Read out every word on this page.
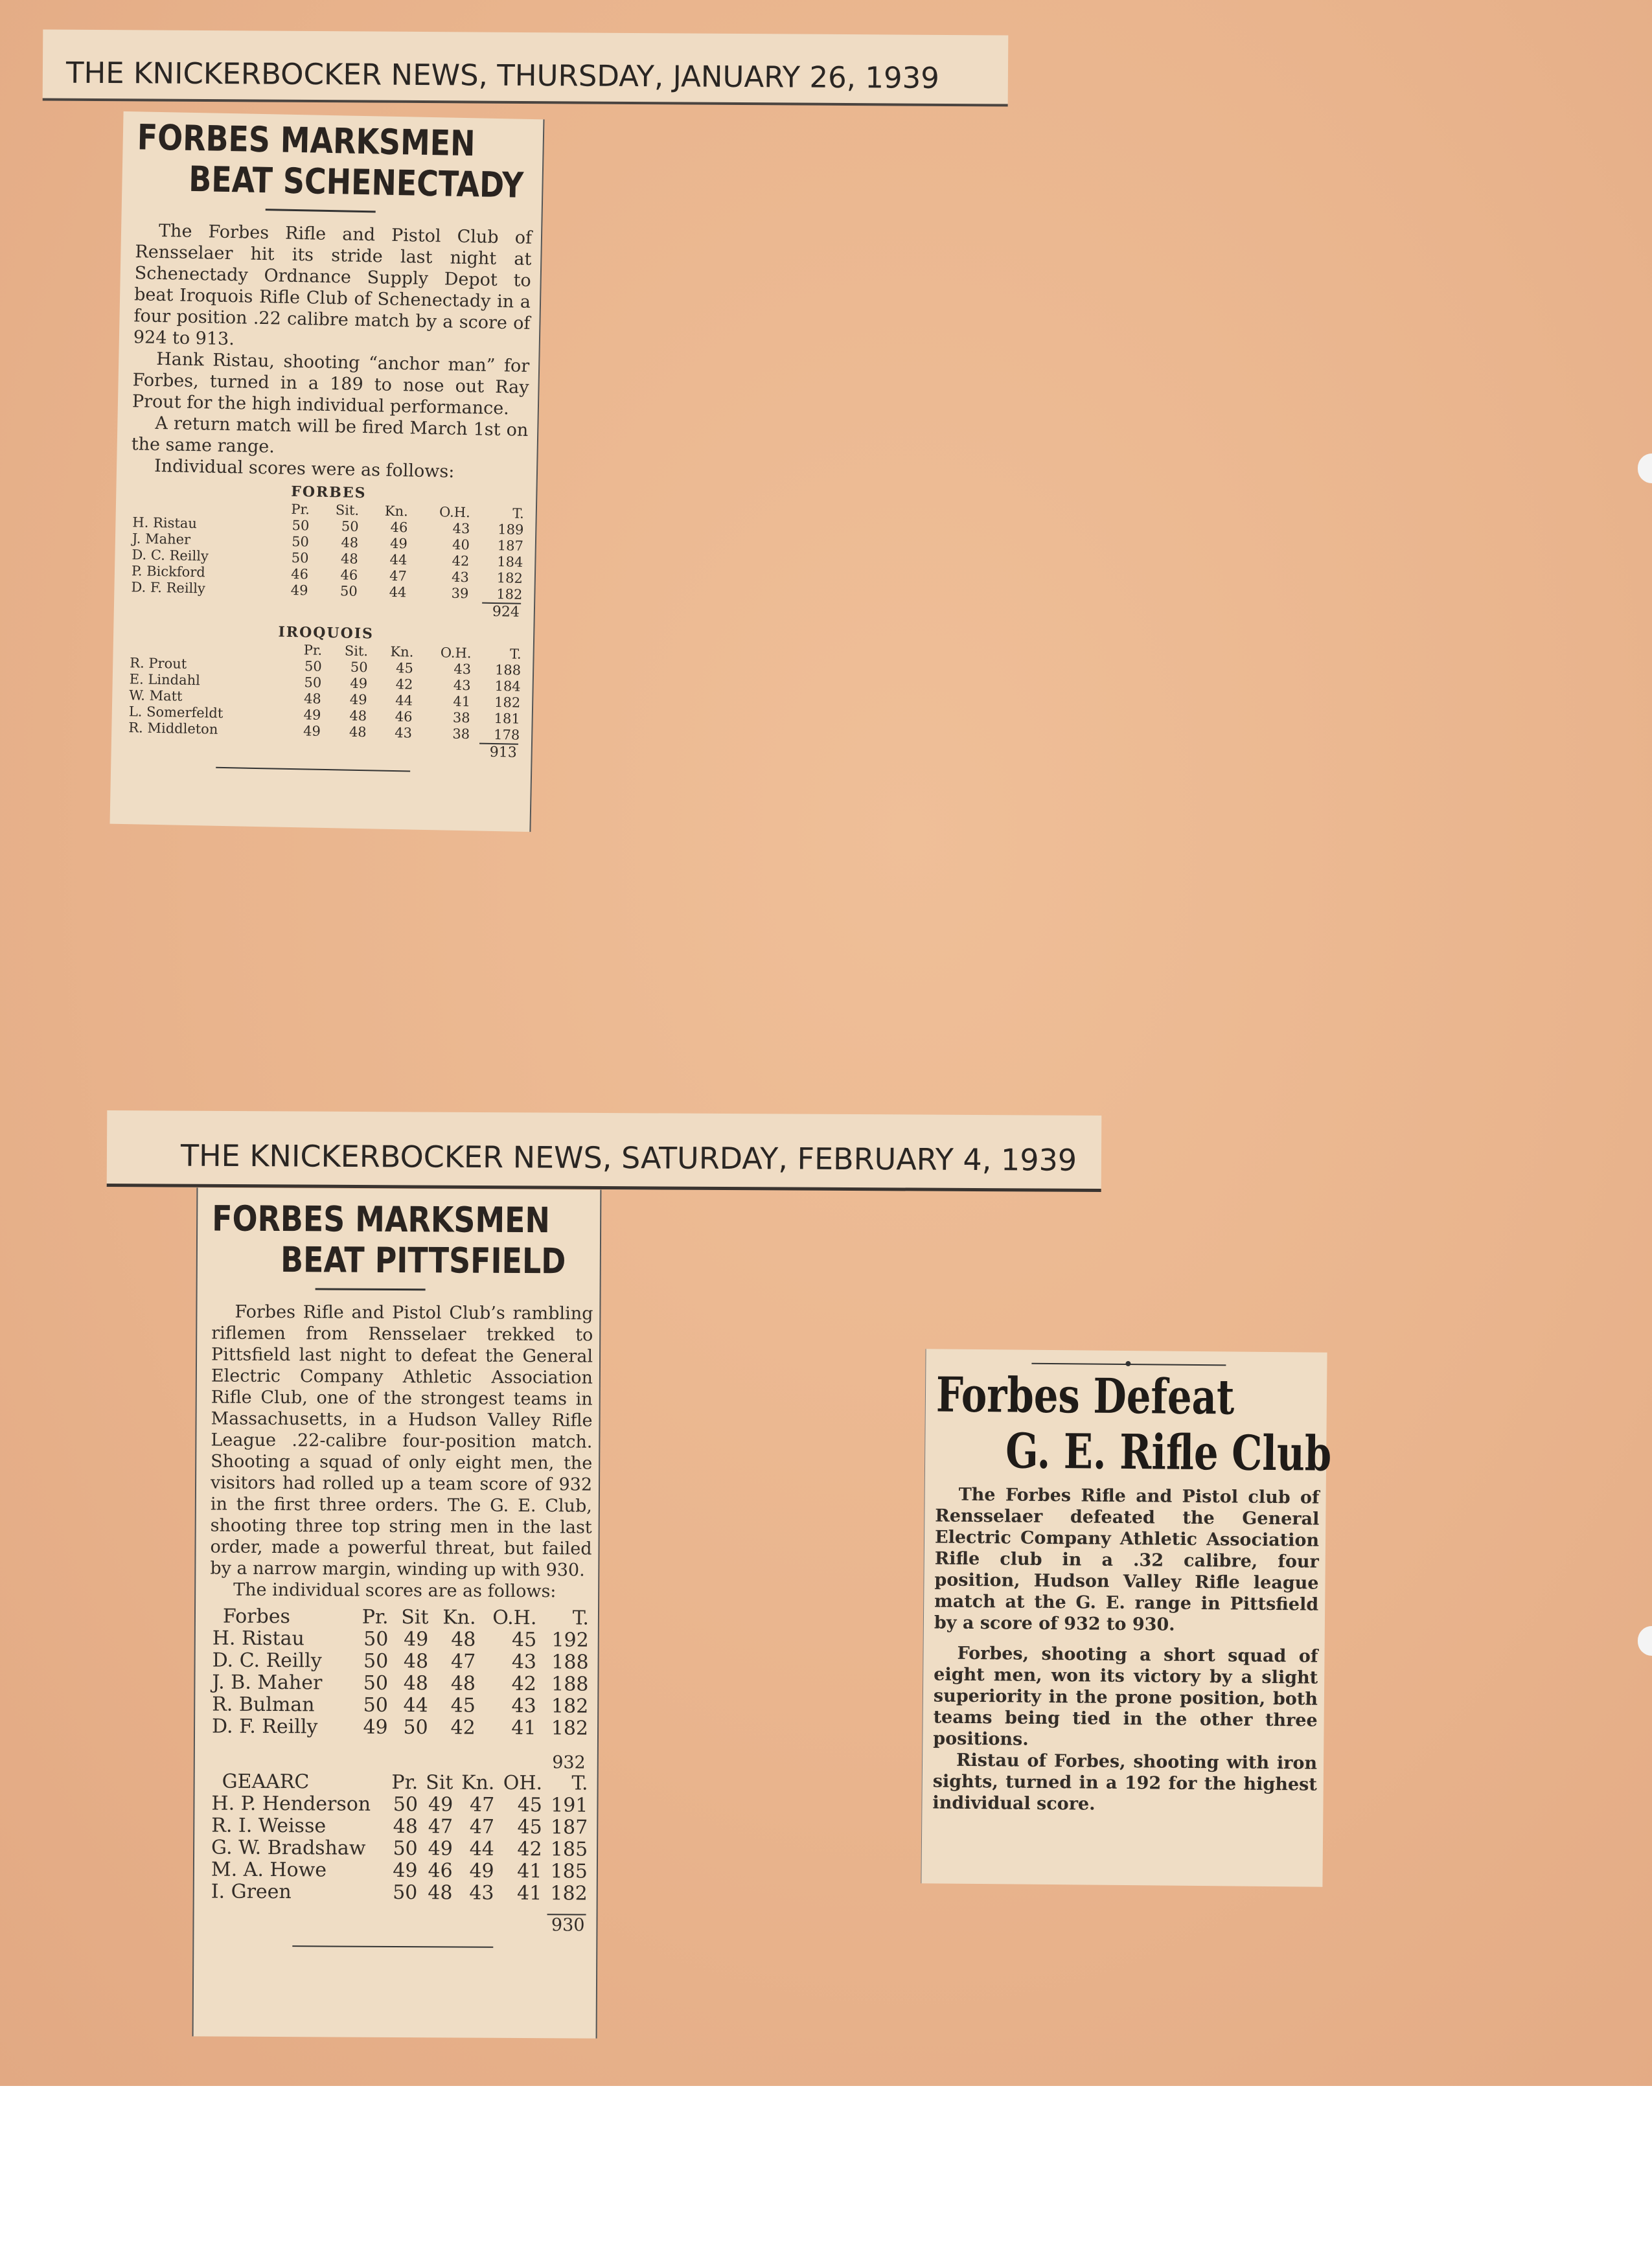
THE KNICKERBOCKER NEWS, THURSDAY, JANUARY 26, 1939
FORBES MARKSMEN
BEAT SCHENECTADY

The Forbes Rifle and Pistol Club of Rensselaer hit its stride last night at Schenectady Ordnance Supply Depot to beat Iroquois Rifle Club of Schenectady in a four position .22 calibre match by a score of 924 to 913.

Hank Ristau, shooting “anchor man” for Forbes, turned in a 189 to nose out Ray Prout for the high individual performance.

A return match will be fired March 1st on the same range.

Individual scores were as follows:

FORBES
	Pr.	Sit.	Kn.	O.H.	T.
H. Ristau	50	50	46	43	189
J. Maher	50	48	49	40	187
D. C. Reilly	50	48	44	42	184
P. Bickford	46	46	47	43	182
D. F. Reilly	49	50	44	39	182
924
IROQUOIS
	Pr.	Sit.	Kn.	O.H.	T.
R. Prout	50	50	45	43	188
E. Lindahl	50	49	42	43	184
W. Matt	48	49	44	41	182
L. Somerfeldt	49	48	46	38	181
R. Middleton	49	48	43	38	178
913
THE KNICKERBOCKER NEWS, SATURDAY, FEBRUARY 4, 1939
FORBES MARKSMEN
BEAT PITTSFIELD

Forbes Rifle and Pistol Club’s rambling riflemen from Rensselaer trekked to Pittsfield last night to defeat the General Electric Company Athletic Association Rifle Club, one of the strongest teams in Massachusetts, in a Hudson Valley Rifle League .22-calibre four-position match. Shooting a squad of only eight men, the visitors had rolled up a team score of 932 in the first three orders. The G. E. Club, shooting three top string men in the last order, made a powerful threat, but failed by a narrow margin, winding up with 930.

The individual scores are as follows:

Forbes	Pr.	Sit	Kn.	O.H.	T.
H. Ristau	50	49	48	45	192
D. C. Reilly	50	48	47	43	188
J. B. Maher	50	48	48	42	188
R. Bulman	50	44	45	43	182
D. F. Reilly	49	50	42	41	182
932
GEAARC	Pr.	Sit	Kn.	OH.	T.
H. P. Henderson	50	49	47	45	191
R. I. Weisse	48	47	47	45	187
G. W. Bradshaw	50	49	44	42	185
M. A. Howe	49	46	49	41	185
I. Green	50	48	43	41	182
930
Forbes Defeat
G. E. Rifle Club

The Forbes Rifle and Pistol club of Rensselaer defeated the General Electric Company Athletic Association Rifle club in a .32 calibre, four position, Hudson Valley Rifle league match at the G. E. range in Pittsfield by a score of 932 to 930.

Forbes, shooting a short squad of eight men, won its victory by a slight superiority in the prone position, both teams being tied in the other three positions.

Ristau of Forbes, shooting with iron sights, turned in a 192 for the highest individual score.
